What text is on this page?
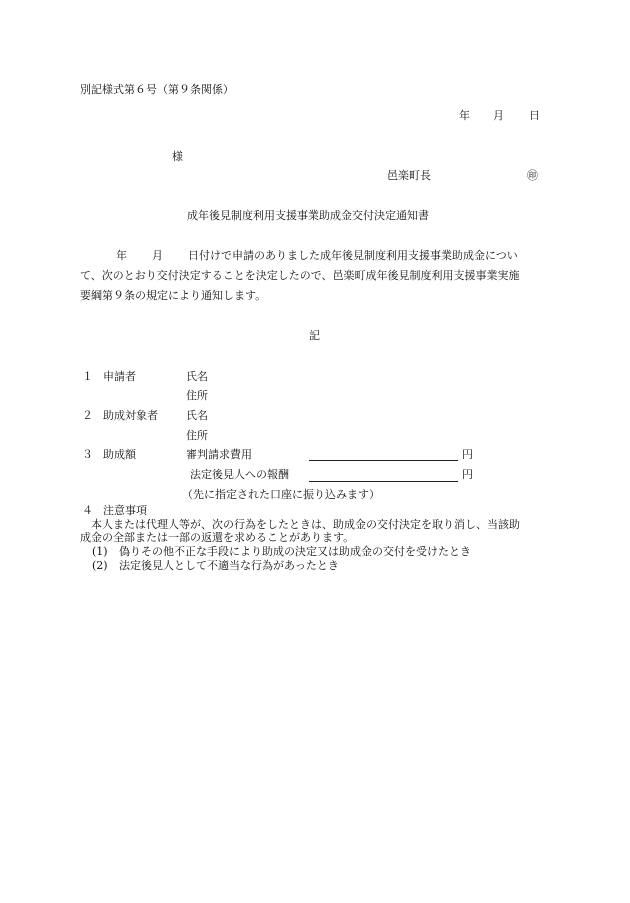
別記様式第６号（第９条関係）
年 月 日
様
邑楽町長	㊞
成年後見制度利用支援事業助成金交付決定通知書
年 月 日付けで申請のありました成年後見制度利用支援事業助成金につい
て、次のとおり交付決定することを決定したので、邑楽町成年後見制度利用支援事業実施
要綱第９条の規定により通知します。
記
１ 申請者	氏名
住所
２ 助成対象者	氏名
住所
３ 助成額	審判請求費用	円
法定後見人への報酬	円
（先に指定された口座に振り込みます）
４ 注意事項
本人または代理人等が、次の行為をしたときは、助成金の交付決定を取り消し、当該助
成金の全部または一部の返還を求めることがあります。
(1) 偽りその他不正な手段により助成の決定又は助成金の交付を受けたとき
(2) 法定後見人として不適当な行為があったとき
